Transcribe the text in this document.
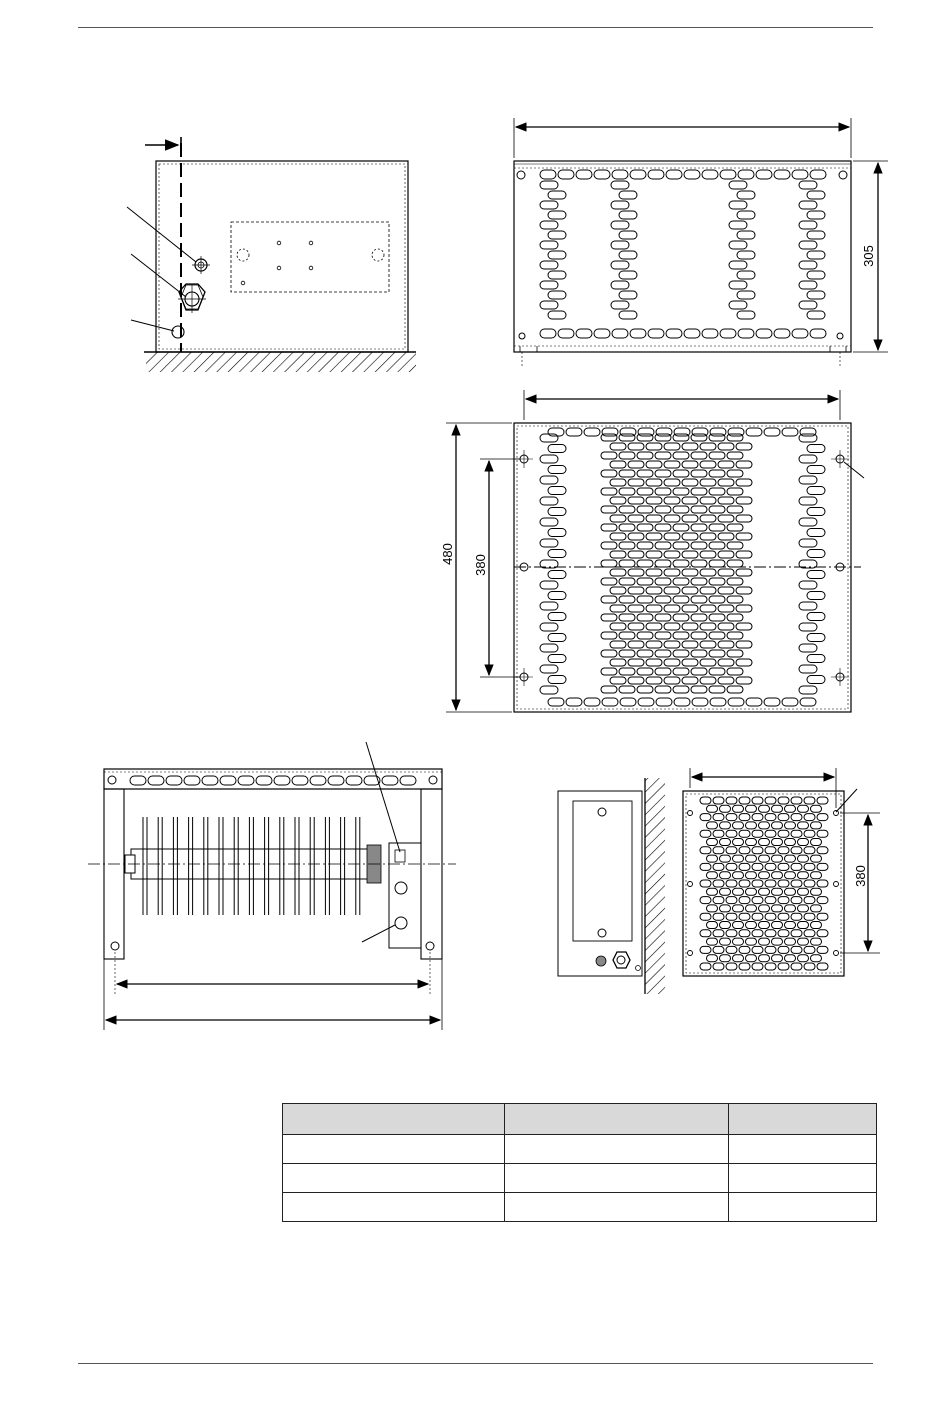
305
480
380
380
